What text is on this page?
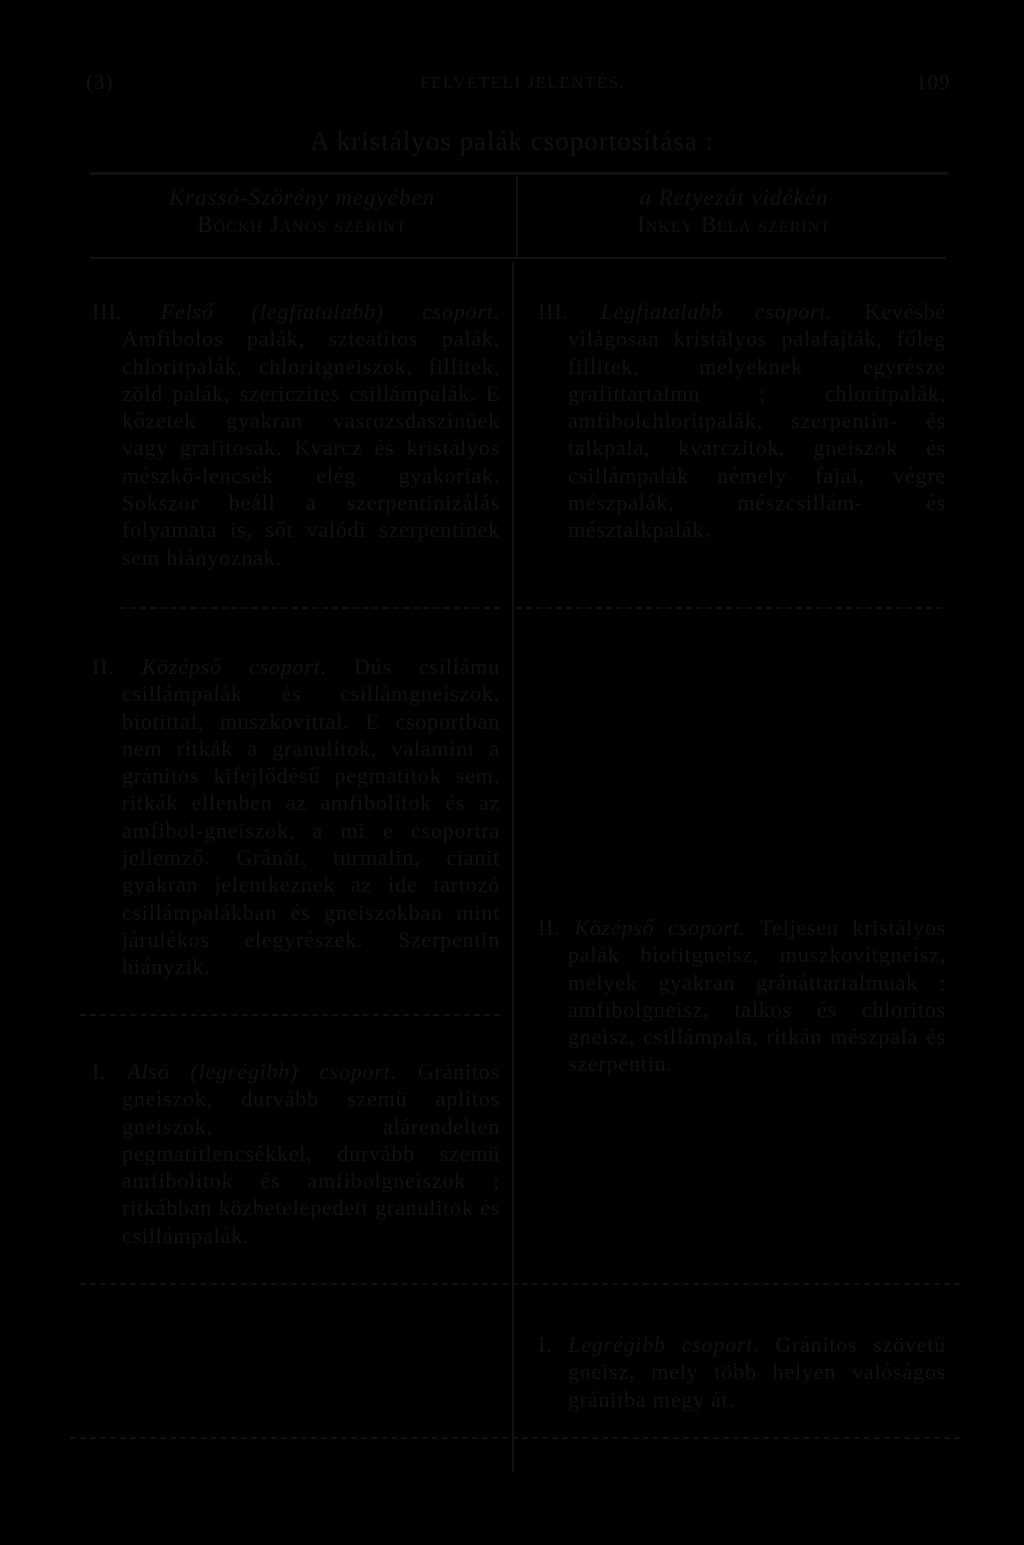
(3)	FELVÉTELI JELENTÉS.	109
A kristályos palák csoportosítása :
Krassó-Szörény megyében
Böckh János szerint
a Retyezát vidékén
Inkey Béla szerint
III. Felső (legfiatalabb) csoport. Amfibolos palák, szteatitos palák, chloritpalák, chloritgneiszok, fillitek, zöld palák, szericzites csillámpalák. E kőzetek gyakran vasrozsdaszinüek vagy grafitosak. Kvarcz és kristályos mészkő-lencsék elég gyakoriak. Sokszor beáll a szerpentinizálás folyamata is, sőt valódi szerpentinek sem hiányoznak.
III. Legfiatalabb csoport. Kevésbé világosan kristályos palafajták, főleg fillitek, melyeknek egyrésze grafittartalmu ; chloritpalák, amfibolchloritpalák, szerpentin- és talkpala, kvarczitok, gneiszok és csillámpalák némely fajai, végre mészpalák, mészcsillám- és mésztalkpalák.
II. Középső csoport. Dús csillámu csillámpalák és csillámgneiszok, biotittal, muszkovittal. E csoportban nem ritkák a granulitok, valamint a gránitos kifejlődésű pegmatitok sem, ritkák ellenben az amfibolitok és az amfibol-gneiszok, a mi e csoportra jellemző. Gránát, turmalin, cianit gyakran jelentkeznek az ide tartozó csillámpalákban és gneiszokban mint járulékos elegyrészek. Szerpentin hiányzik.
I. Alsó (legrégibb) csoport. Gránitos gneiszok, durvább szemü aplitos gneiszok, alárendelten pegmatitlencsékkel, durvább szemü amfibolitok és amfibolgneiszok ; ritkábban közbetelepedett granulitok és csillámpalák.
II. Középső csoport. Teljesen kristályos palák biotitgneisz, muszkovitgneisz, melyek gyakran gránáttartalmuak ; amfibolgneisz, talkos és chloritos gneisz, csillámpala, ritkán mészpala és szerpentin.
I. Legrégibb csoport. Gránitos szövetű gneisz, mely több helyen valóságos gránitba megy át.
